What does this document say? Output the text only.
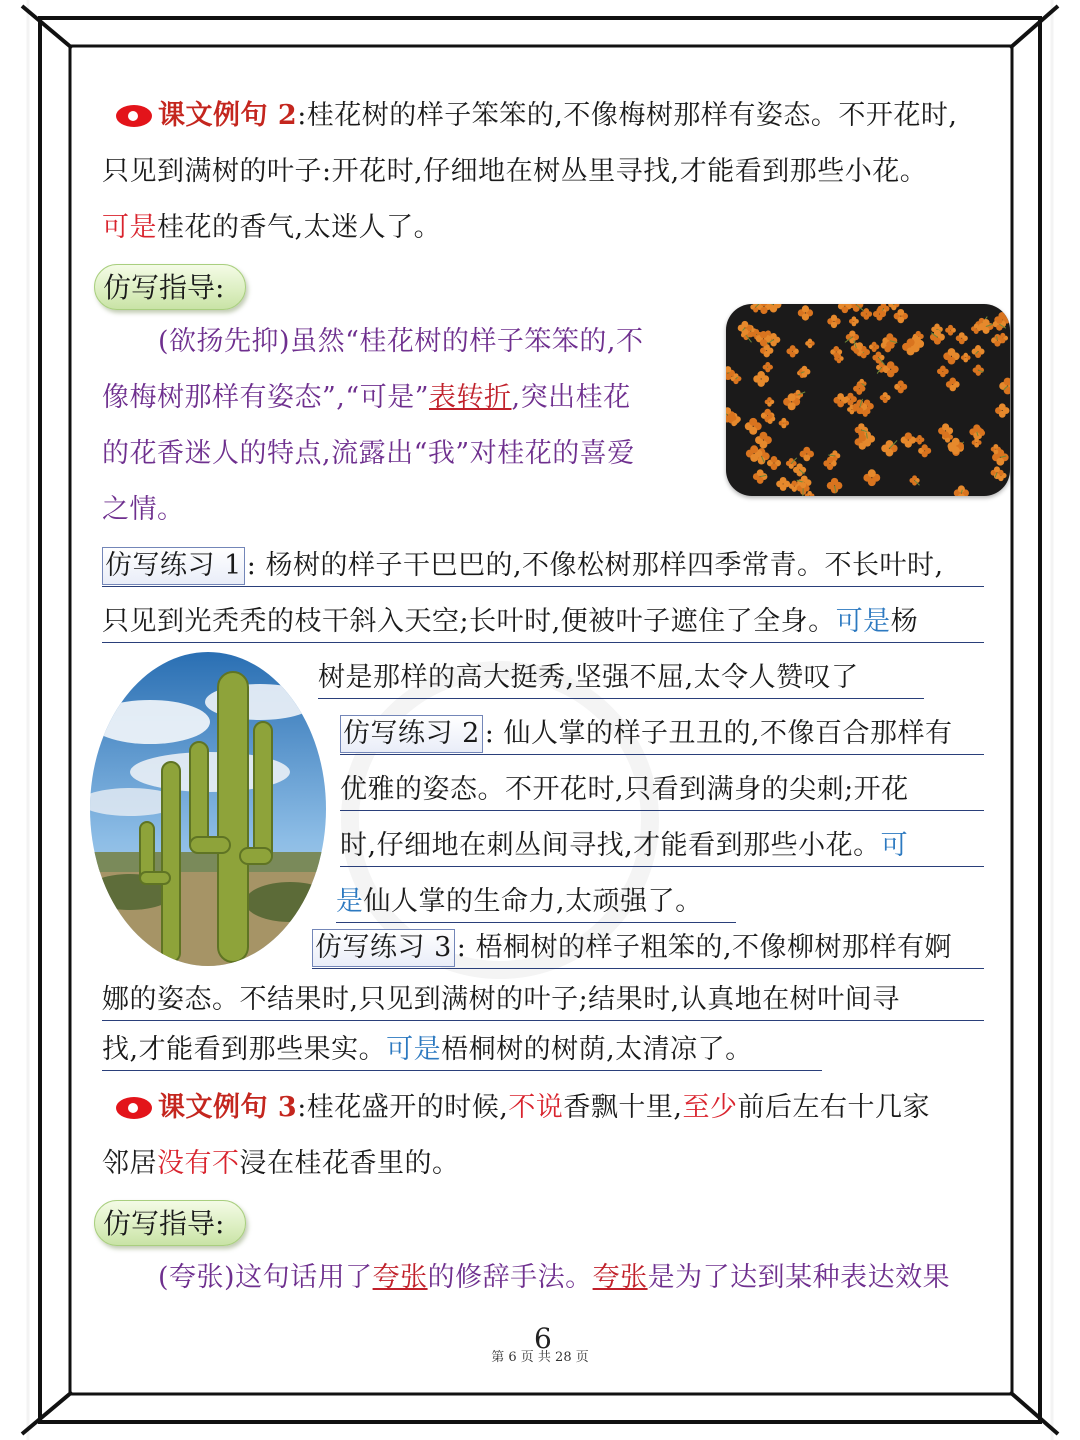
课文例句 2:桂花树的样子笨笨的,不像梅树那样有姿态。不开花时,
只见到满树的叶子:开花时,仔细地在树丛里寻找,才能看到那些小花。
可是桂花的香气,太迷人了。
仿写指导:
(欲扬先抑)虽然“桂花树的样子笨笨的,不
像梅树那样有姿态”,“可是”表转折,突出桂花
的花香迷人的特点,流露出“我”对桂花的喜爱
之情。
仿写练习 1 : 杨树的样子干巴巴的,不像松树那样四季常青。不长叶时,
只见到光秃秃的枝干斜入天空;长叶时,便被叶子遮住了全身。可是杨
树是那样的高大挺秀,坚强不屈,太令人赞叹了
仿写练习 2 : 仙人掌的样子丑丑的,不像百合那样有
优雅的姿态。不开花时,只看到满身的尖刺;开花
时,仔细地在刺丛间寻找,才能看到那些小花。可
是仙人掌的生命力,太顽强了。
仿写练习 3 : 梧桐树的样子粗笨的,不像柳树那样有婀
娜的姿态。不结果时,只见到满树的叶子;结果时,认真地在树叶间寻
找,才能看到那些果实。可是梧桐树的树荫,太清凉了。
课文例句 3:桂花盛开的时候,不说香飘十里,至少前后左右十几家
邻居没有不浸在桂花香里的。
仿写指导:
(夸张)这句话用了夸张的修辞手法。夸张是为了达到某种表达效果
6
第 6 页 共 28 页
